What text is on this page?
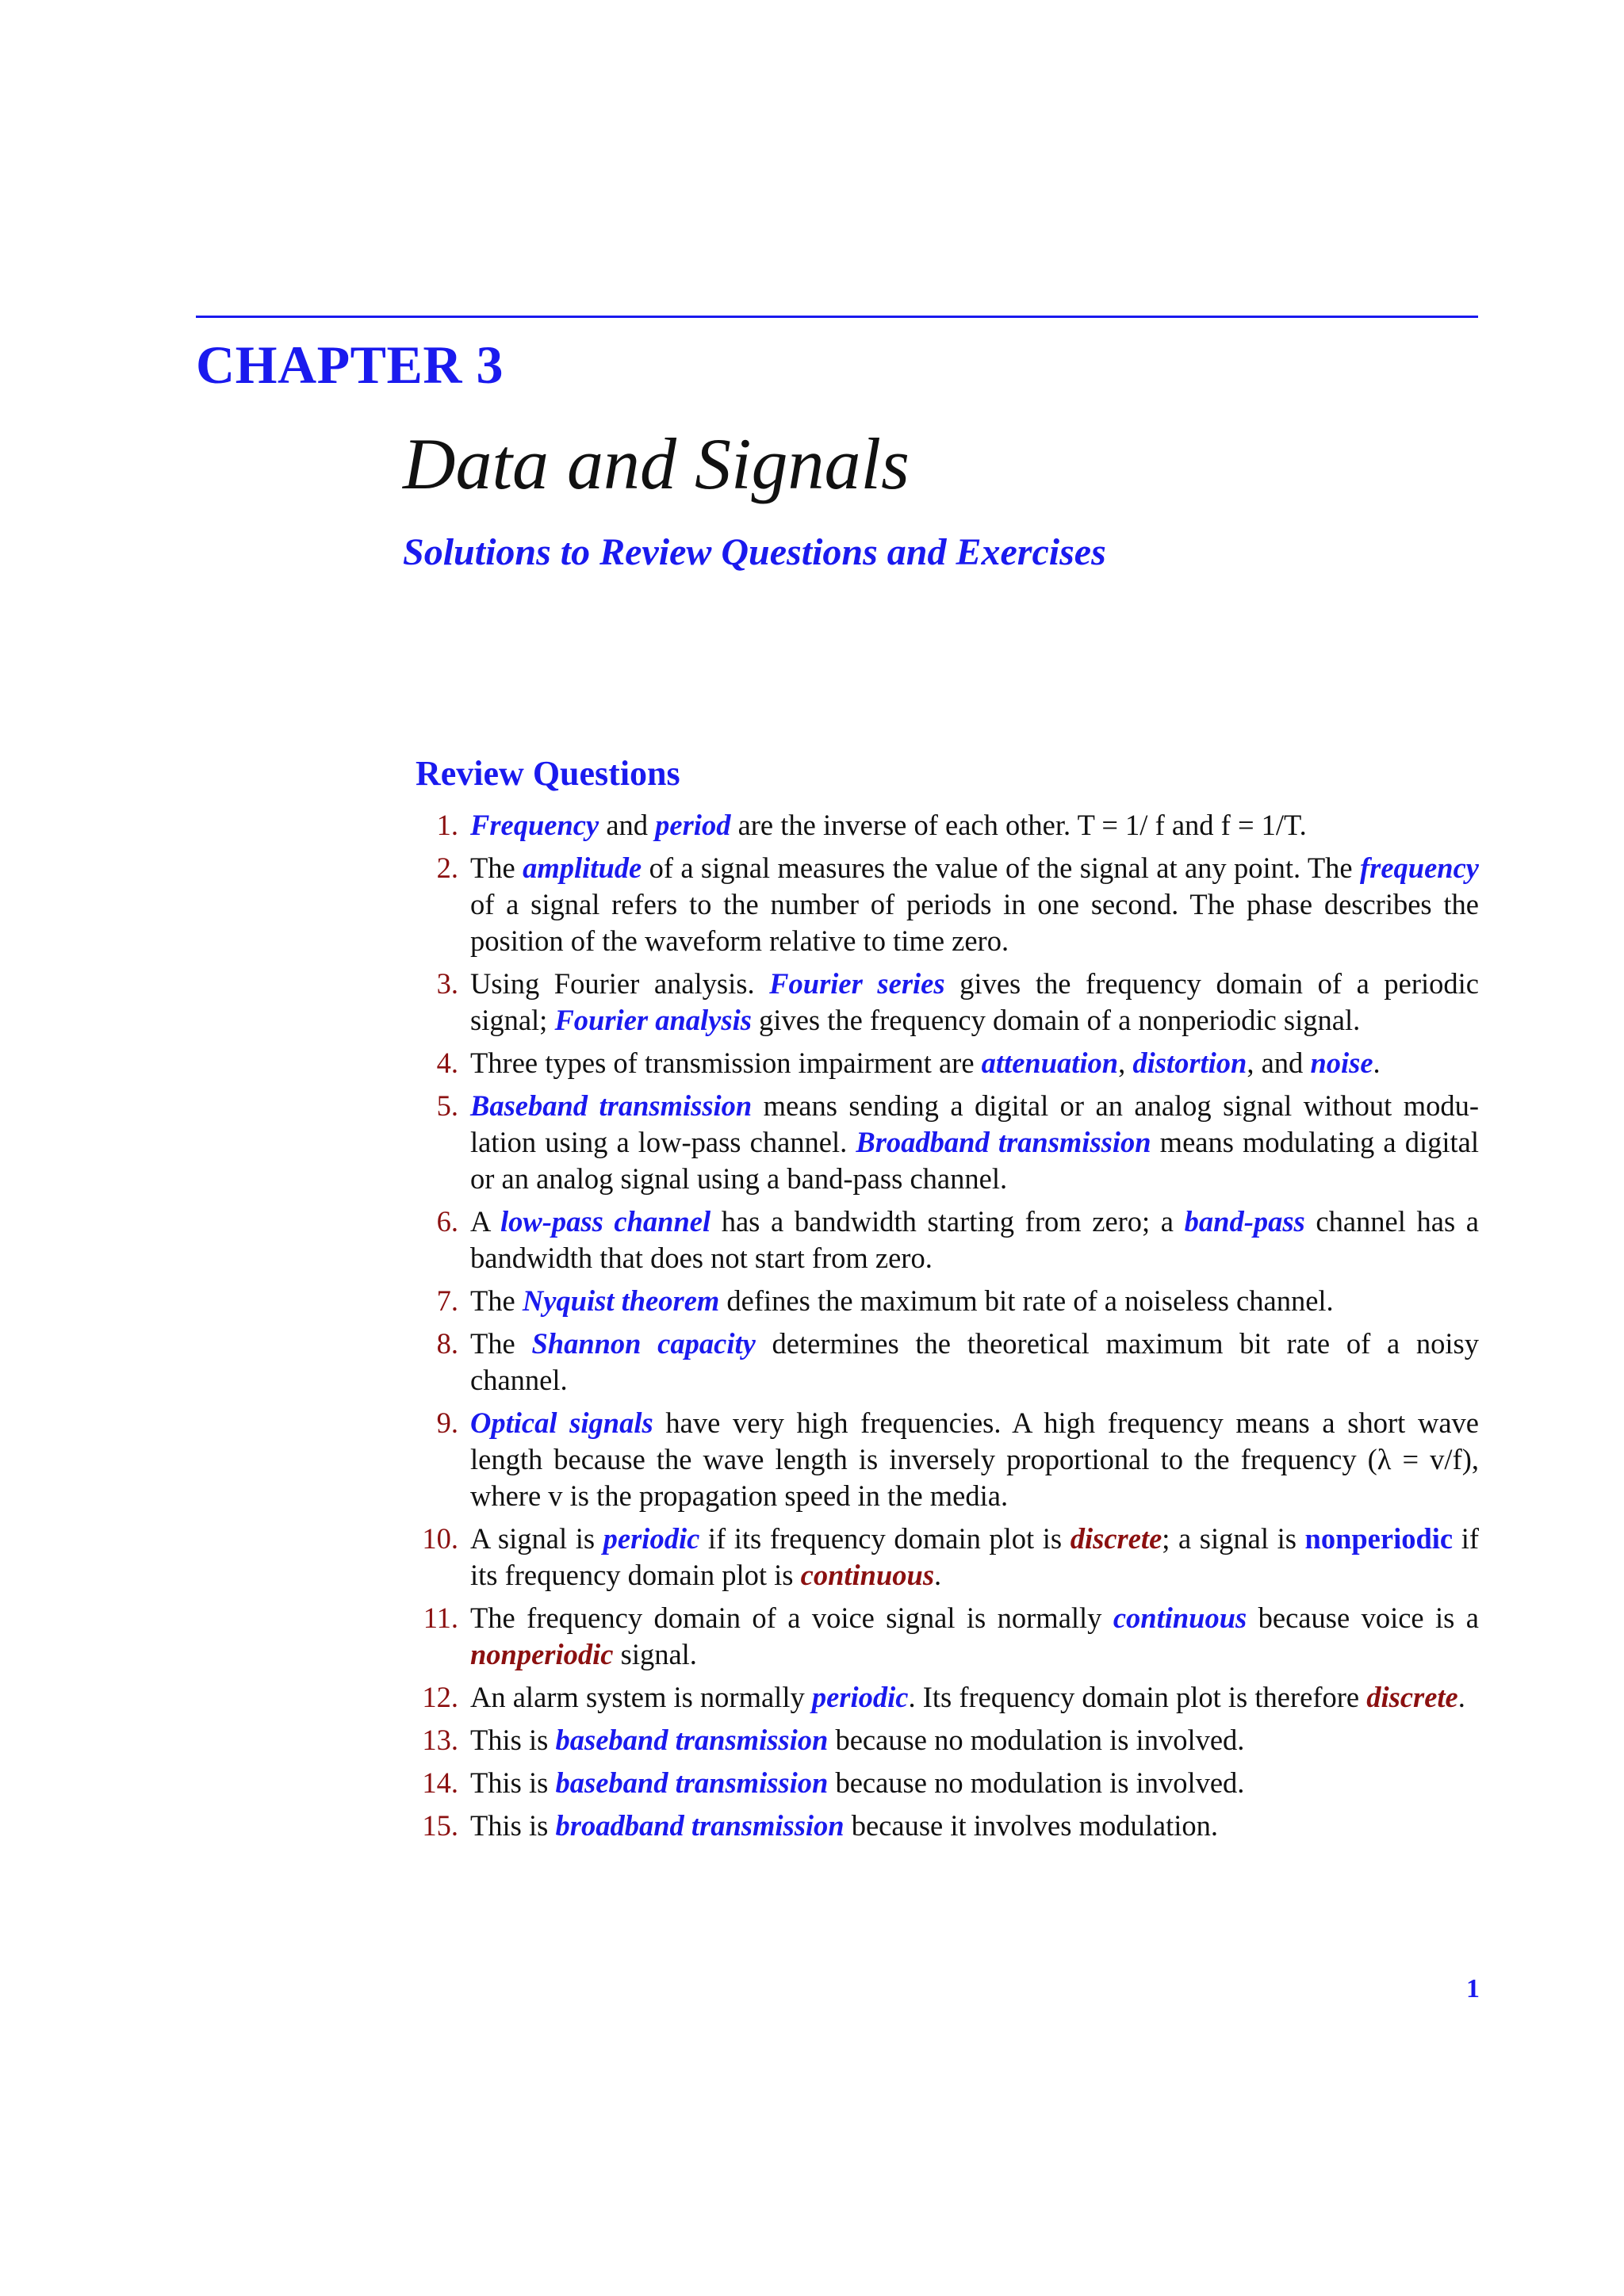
CHAPTER 3
Data and Signals
Solutions to Review Questions and Exercises
Review Questions
1. Frequency and period are the inverse of each other. T = 1/ f and f = 1/T.
2. The amplitude of a signal measures the value of the signal at any point. The frequency of a signal refers to the number of periods in one second. The phase describes the position of the waveform relative to time zero.
3. Using Fourier analysis. Fourier series gives the frequency domain of a periodic signal; Fourier analysis gives the frequency domain of a nonperiodic signal.
4. Three types of transmission impairment are attenuation, distortion, and noise.
5. Baseband transmission means sending a digital or an analog signal without modulation using a low-pass channel. Broadband transmission means modulating a digital or an analog signal using a band-pass channel.
6. A low-pass channel has a bandwidth starting from zero; a band-pass channel has a bandwidth that does not start from zero.
7. The Nyquist theorem defines the maximum bit rate of a noiseless channel.
8. The Shannon capacity determines the theoretical maximum bit rate of a noisy channel.
9. Optical signals have very high frequencies. A high frequency means a short wave length because the wave length is inversely proportional to the frequency (λ = v/f), where v is the propagation speed in the media.
10. A signal is periodic if its frequency domain plot is discrete; a signal is nonperiodic if its frequency domain plot is continuous.
11. The frequency domain of a voice signal is normally continuous because voice is a nonperiodic signal.
12. An alarm system is normally periodic. Its frequency domain plot is therefore discrete.
13. This is baseband transmission because no modulation is involved.
14. This is baseband transmission because no modulation is involved.
15. This is broadband transmission because it involves modulation.
1
